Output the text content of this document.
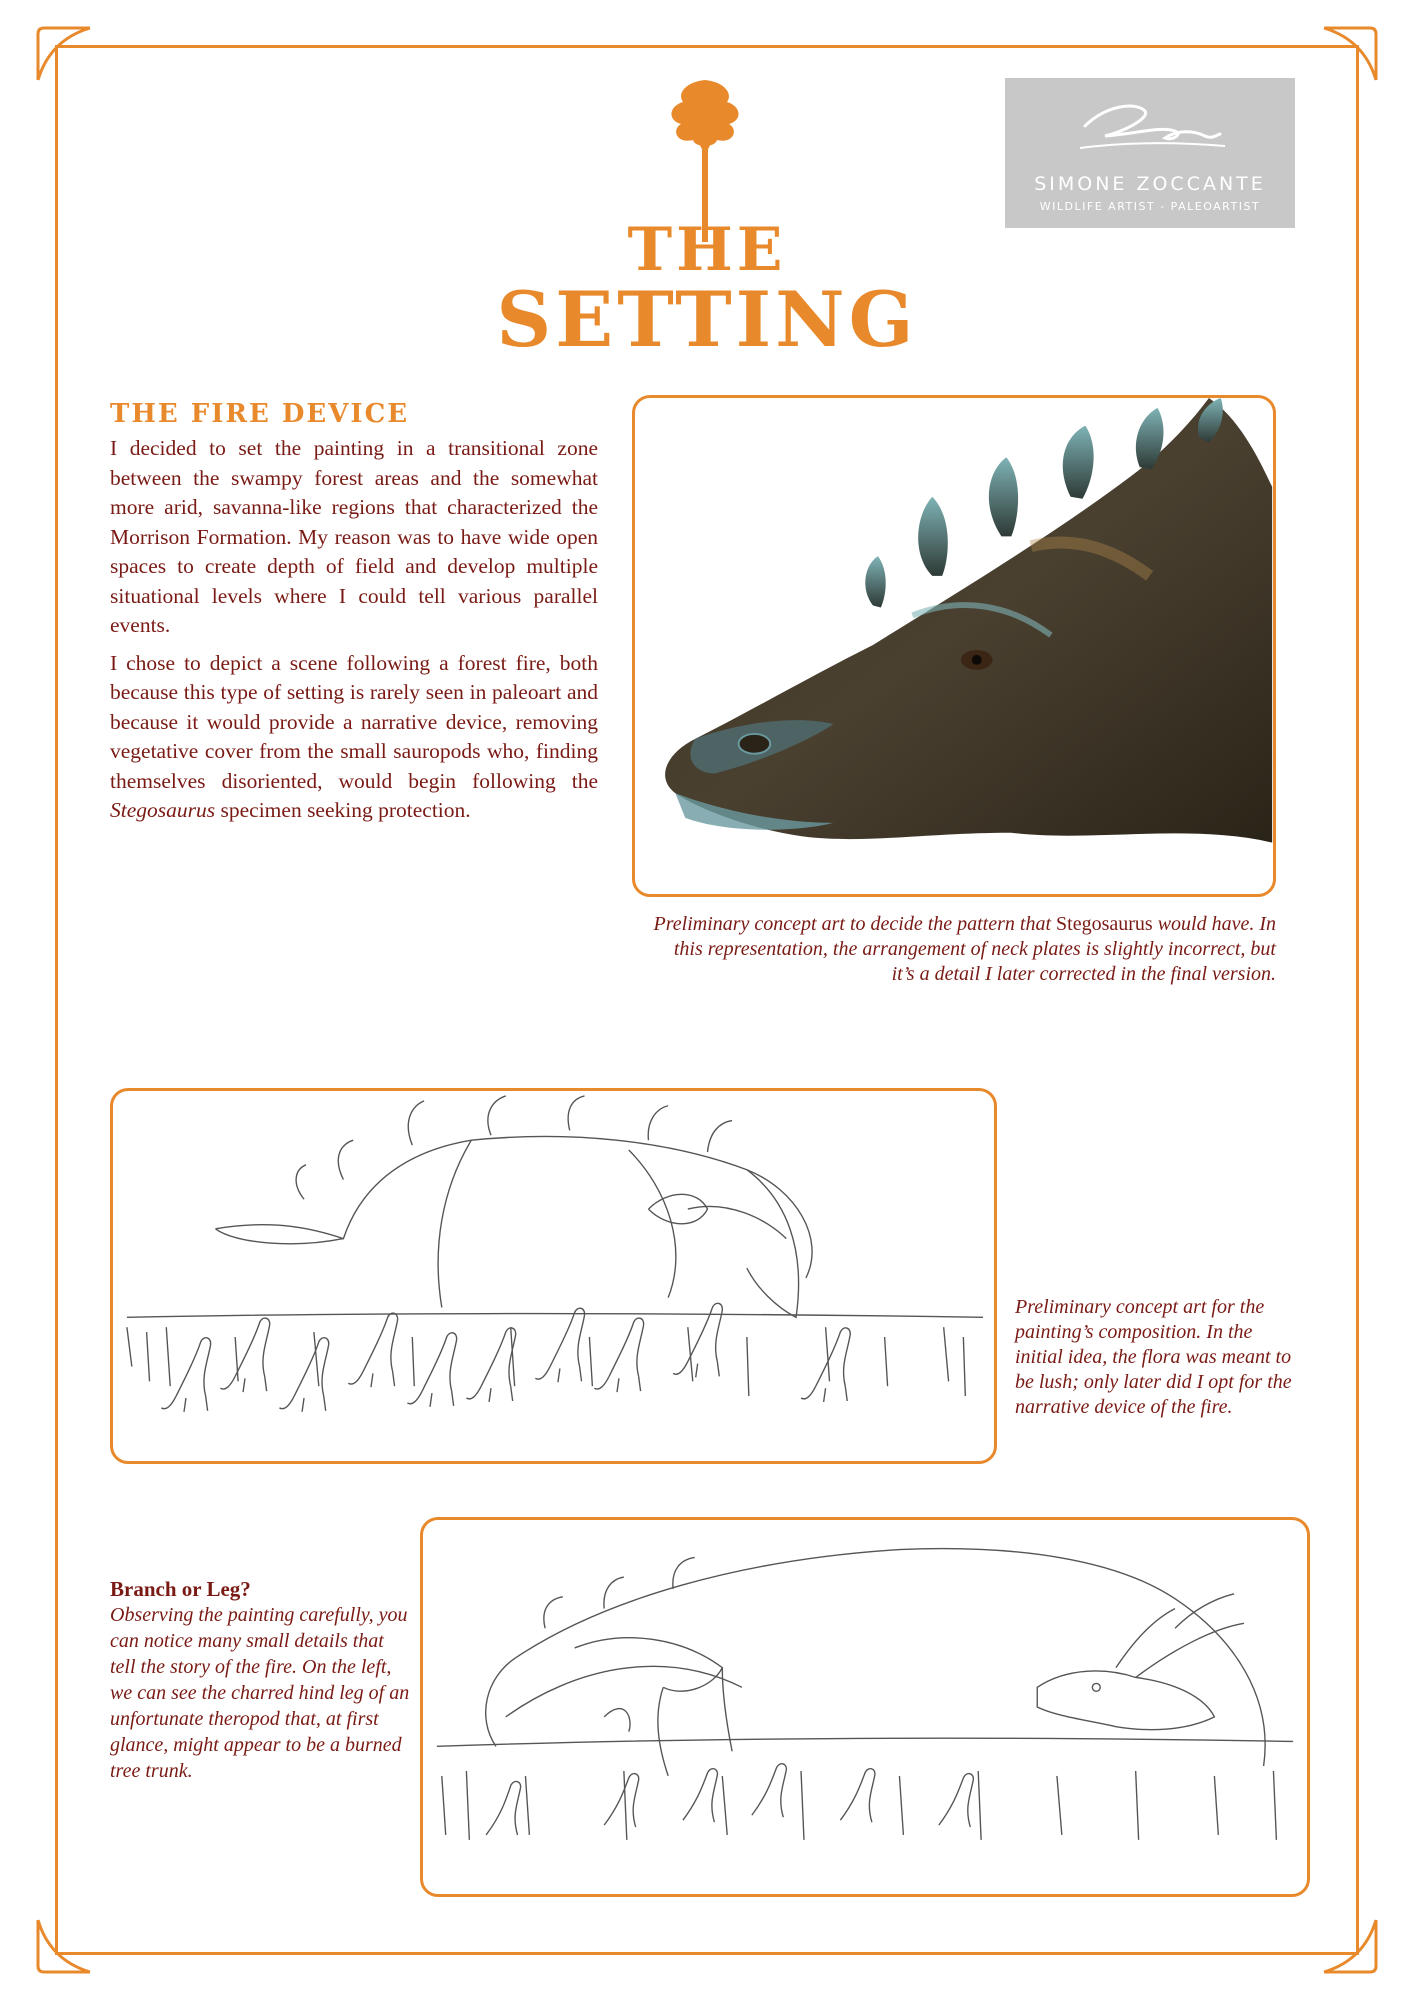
THE
SETTING
SIMONE ZOCCANTE
WILDLIFE ARTIST - PALEOARTIST
THE FIRE DEVICE

I decided to set the painting in a transitional zone between the swampy forest areas and the somewhat more arid, savanna-like regions that characterized the Morrison Formation. My reason was to have wide open spaces to create depth of field and develop multiple situational levels where I could tell various parallel events.

I chose to depict a scene following a forest fire, both because this type of setting is rarely seen in paleoart and because it would provide a narrative device, removing vegetative cover from the small sauropods who, finding themselves disoriented, would begin following the Stegosaurus specimen seeking protection.

Preliminary concept art to decide the pattern that Stegosaurus would have. In this representation, the arrangement of neck plates is slightly incorrect, but it’s a detail I later corrected in the final version.

Preliminary concept art for the painting’s composition. In the initial idea, the flora was meant to be lush; only later did I opt for the narrative device of the fire.

Branch or Leg?

Observing the painting carefully, you can notice many small details that tell the story of the fire. On the left, we can see the charred hind leg of an unfortunate theropod that, at first glance, might appear to be a burned tree trunk.
